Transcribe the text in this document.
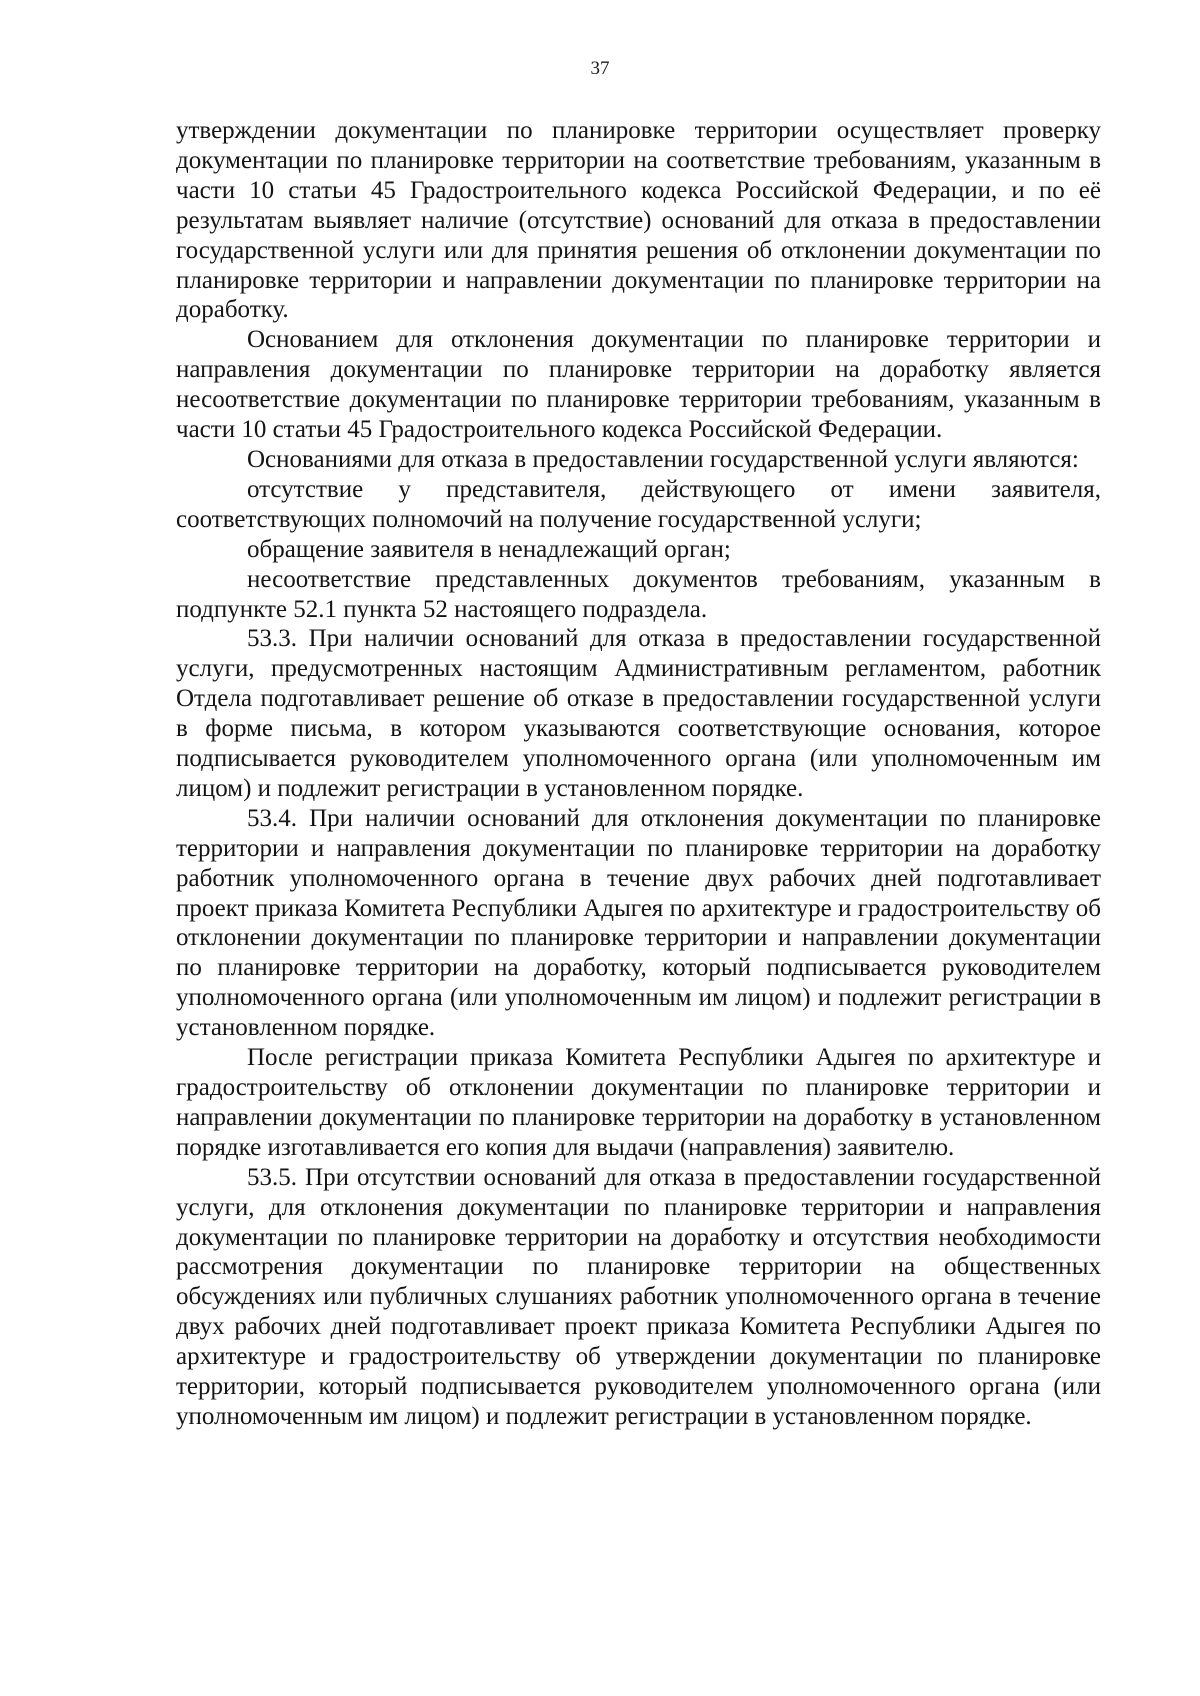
37

утверждении документации по планировке территории осуществляет проверку документации по планировке территории на соответствие требованиям, указанным в части 10 статьи 45 Градостроительного кодекса Российской Федерации, и по её результатам выявляет наличие (отсутствие) оснований для отказа в предоставлении государственной услуги или для принятия решения об отклонении документации по планировке территории и направлении документации по планировке территории на доработку.

Основанием для отклонения документации по планировке территории и направления документации по планировке территории на доработку является несоответствие документации по планировке территории требованиям, указанным в части 10 статьи 45 Градостроительного кодекса Российской Федерации.

Основаниями для отказа в предоставлении государственной услуги являются:

отсутствие у представителя, действующего от имени заявителя, соответствующих полномочий на получение государственной услуги;

обращение заявителя в ненадлежащий орган;

несоответствие представленных документов требованиям, указанным в подпункте 52.1 пункта 52 настоящего подраздела.

53.3. При наличии оснований для отказа в предоставлении государственной услуги, предусмотренных настоящим Административным регламентом, работник Отдела подготавливает решение об отказе в предоставлении государственной услуги в форме письма, в котором указываются соответствующие основания, которое подписывается руководителем уполномоченного органа (или уполномоченным им лицом) и подлежит регистрации в установленном порядке.

53.4. При наличии оснований для отклонения документации по планировке территории и направления документации по планировке территории на доработку работник уполномоченного органа в течение двух рабочих дней подготавливает проект приказа Комитета Республики Адыгея по архитектуре и градостроительству об отклонении документации по планировке территории и направлении документации по планировке территории на доработку, который подписывается руководителем уполномоченного органа (или уполномоченным им лицом) и подлежит регистрации в установленном порядке.

После регистрации приказа Комитета Республики Адыгея по архитектуре и градостроительству об отклонении документации по планировке территории и направлении документации по планировке территории на доработку в установленном порядке изготавливается его копия для выдачи (направления) заявителю.

53.5. При отсутствии оснований для отказа в предоставлении государственной услуги, для отклонения документации по планировке территории и направления документации по планировке территории на доработку и отсутствия необходимости рассмотрения документации по планировке территории на общественных обсуждениях или публичных слушаниях работник уполномоченного органа в течение двух рабочих дней подготавливает проект приказа Комитета Республики Адыгея по архитектуре и градостроительству об утверждении документации по планировке территории, который подписывается руководителем уполномоченного органа (или уполномоченным им лицом) и подлежит регистрации в установленном порядке.
